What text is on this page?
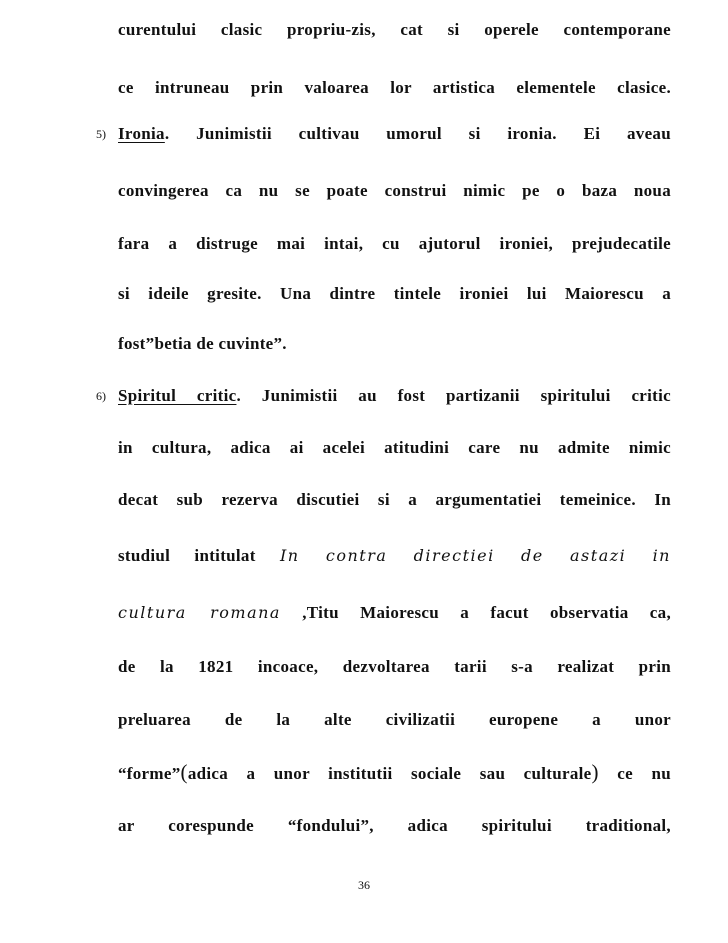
curentului clasic propriu-zis, cat si operele contemporane
ce intruneau prin valoarea lor artistica elementele clasice.
5) Ironia. Junimistii cultivau umorul si ironia. Ei aveau
convingerea ca nu se poate construi nimic pe o baza noua
fara a distruge mai intai, cu ajutorul ironiei, prejudecatile
si ideile gresite. Una dintre tintele ironiei lui Maiorescu a
fost”betia de cuvinte”.
6) Spiritul critic. Junimistii au fost partizanii spiritului critic
in cultura, adica ai acelei atitudini care nu admite nimic
decat sub rezerva discutiei si a argumentatiei temeinice. In
studiul intitulat In contra directiei de astazi in
cultura romana ,Titu Maiorescu a facut observatia ca,
de la 1821 incoace, dezvoltarea tarii s-a realizat prin
preluarea de la alte civilizatii europene a unor
“forme”(adica a unor institutii sociale sau culturale) ce nu
ar corespunde “fondului”, adica spiritului traditional,
36
